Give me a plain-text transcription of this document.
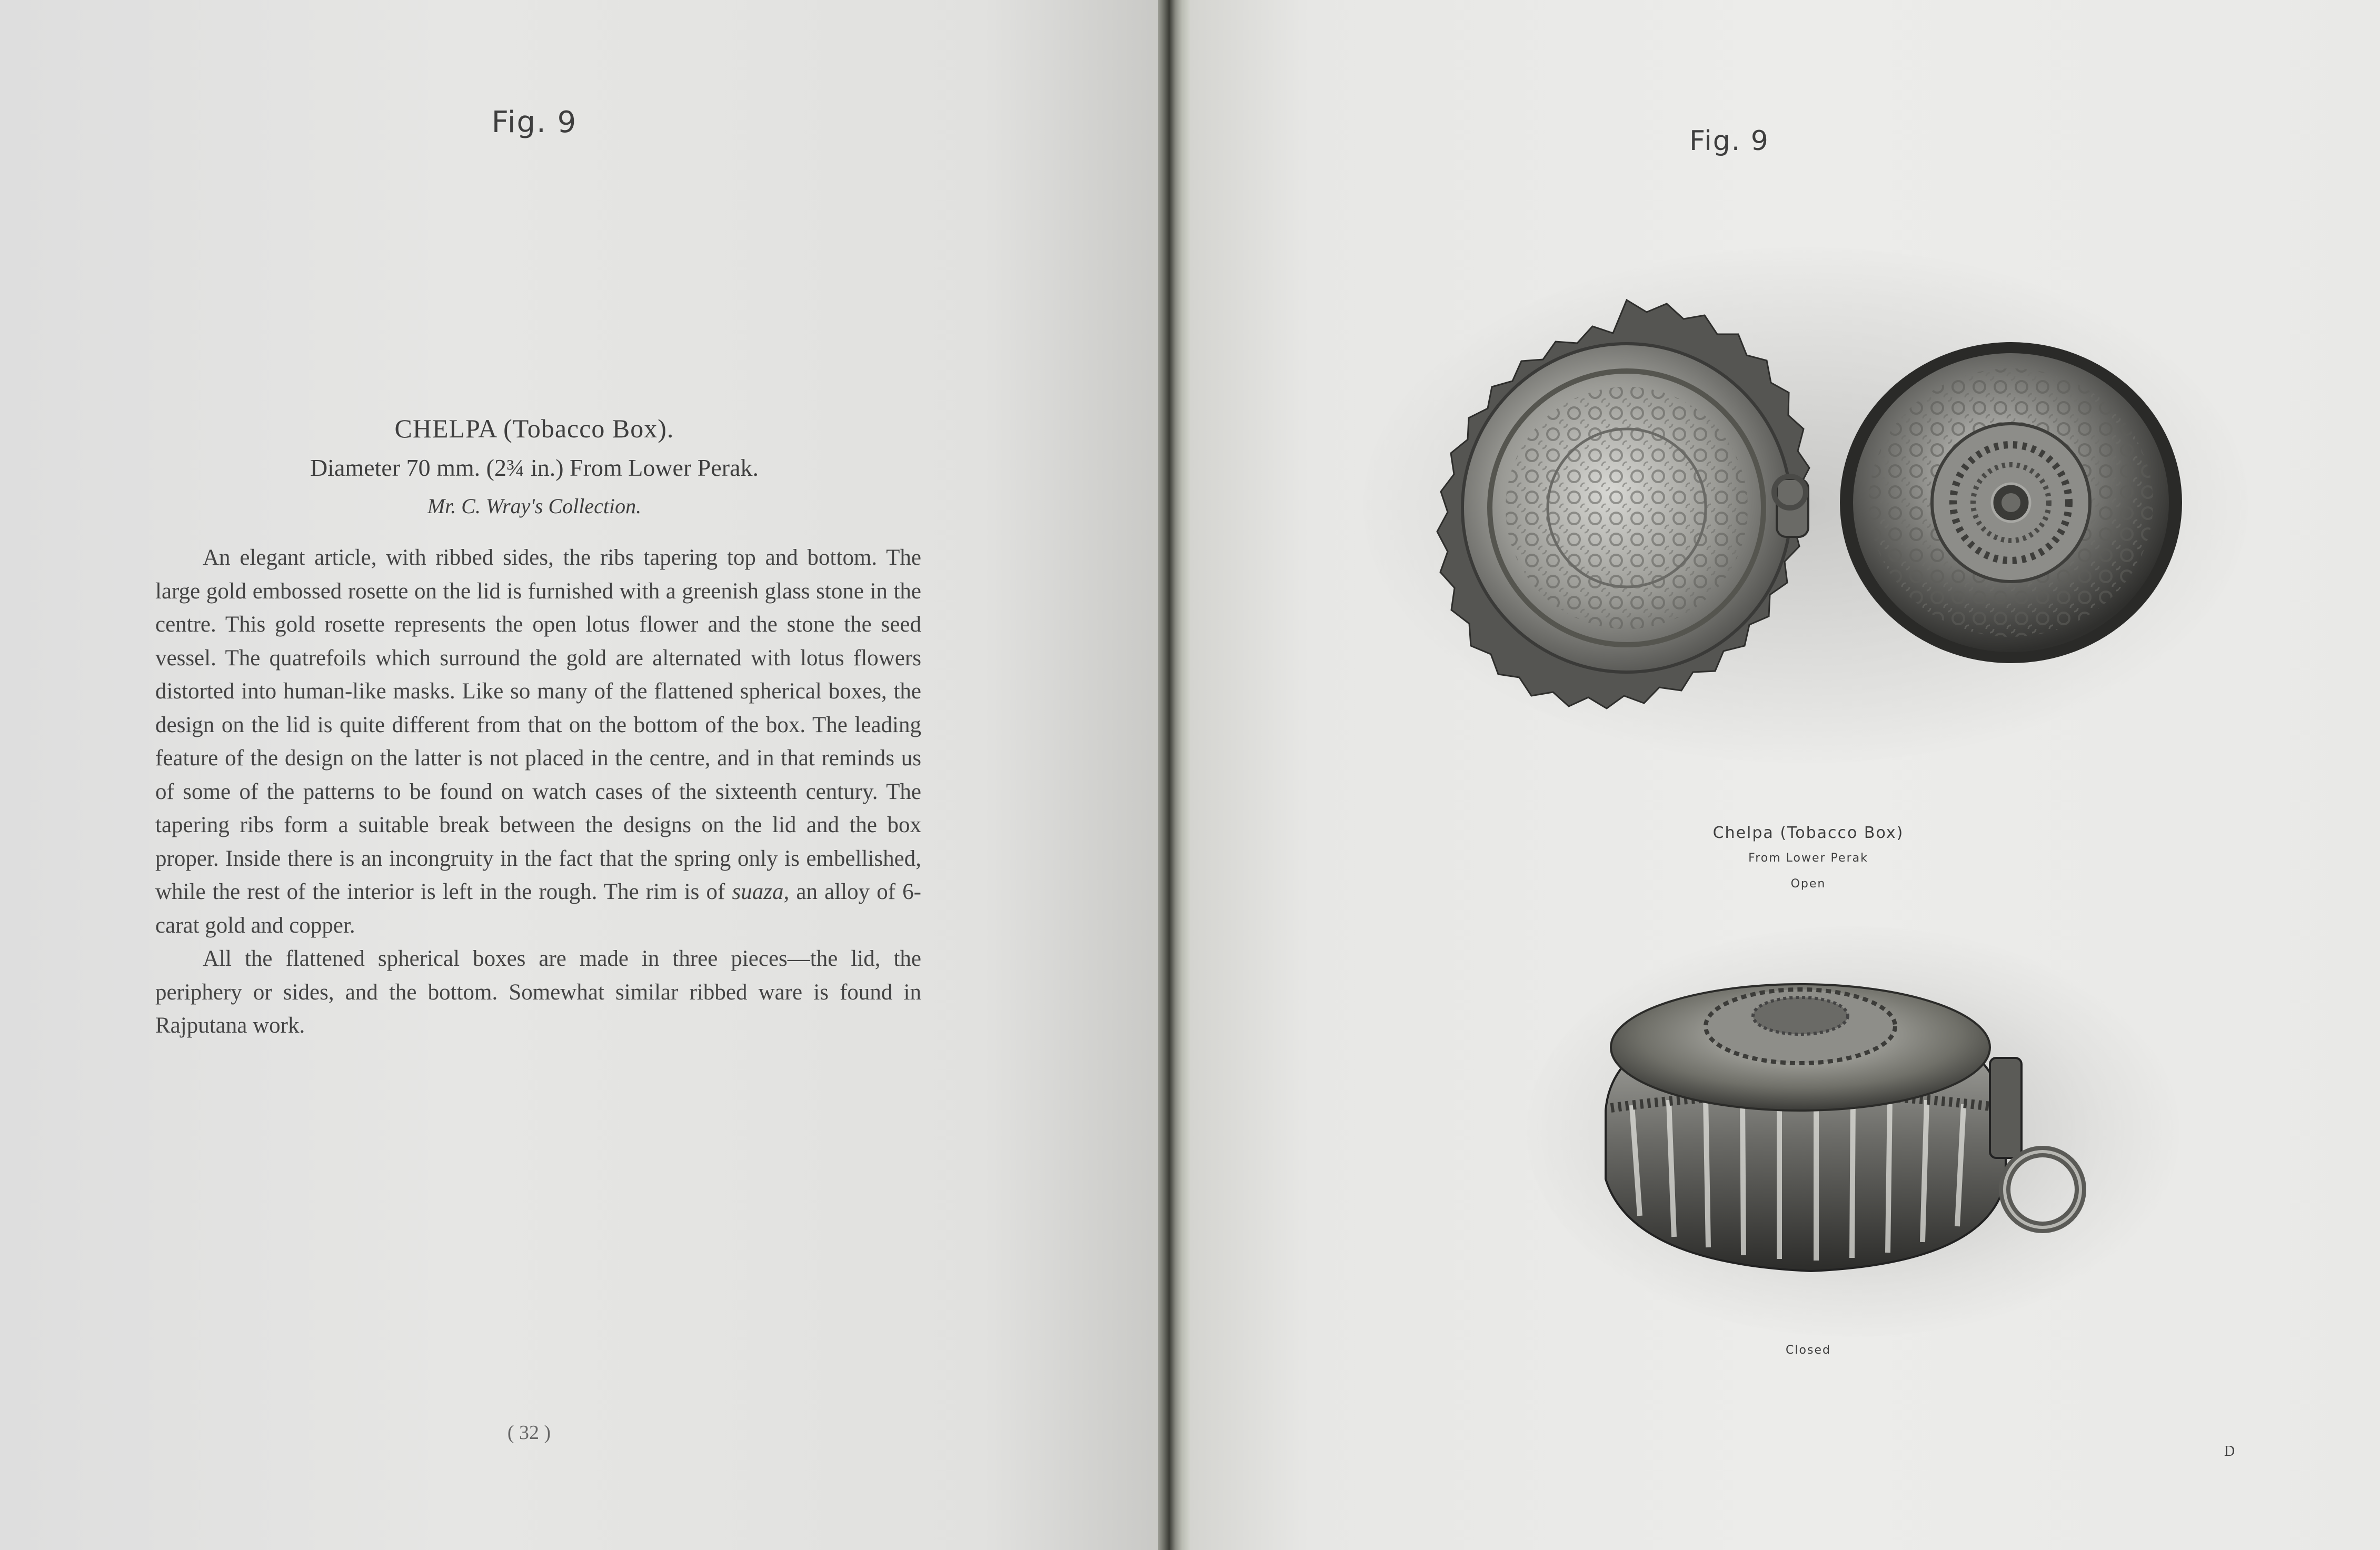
Fig. 9
CHELPA (Tobacco Box).
Diameter 70 mm. (2¾ in.) From Lower Perak.
Mr. C. Wray's Collection.

An elegant article, with ribbed sides, the ribs tapering top and bottom. The large gold embossed rosette on the lid is furnished with a greenish glass stone in the centre. This gold rosette represents the open lotus flower and the stone the seed vessel. The quatrefoils which surround the gold are alternated with lotus flowers distorted into human-like masks. Like so many of the flattened spherical boxes, the design on the lid is quite different from that on the bottom of the box. The leading feature of the design on the latter is not placed in the centre, and in that reminds us of some of the patterns to be found on watch cases of the sixteenth century. The tapering ribs form a suitable break between the designs on the lid and the box proper. Inside there is an incongruity in the fact that the spring only is embellished, while the rest of the interior is left in the rough. The rim is of suaza, an alloy of 6-carat gold and copper.

All the flattened spherical boxes are made in three pieces—the lid, the periphery or sides, and the bottom. Somewhat similar ribbed ware is found in Rajputana work.

( 32 )
Fig. 9
Chelpa (Tobacco Box)
From Lower Perak
Open
Closed
D
